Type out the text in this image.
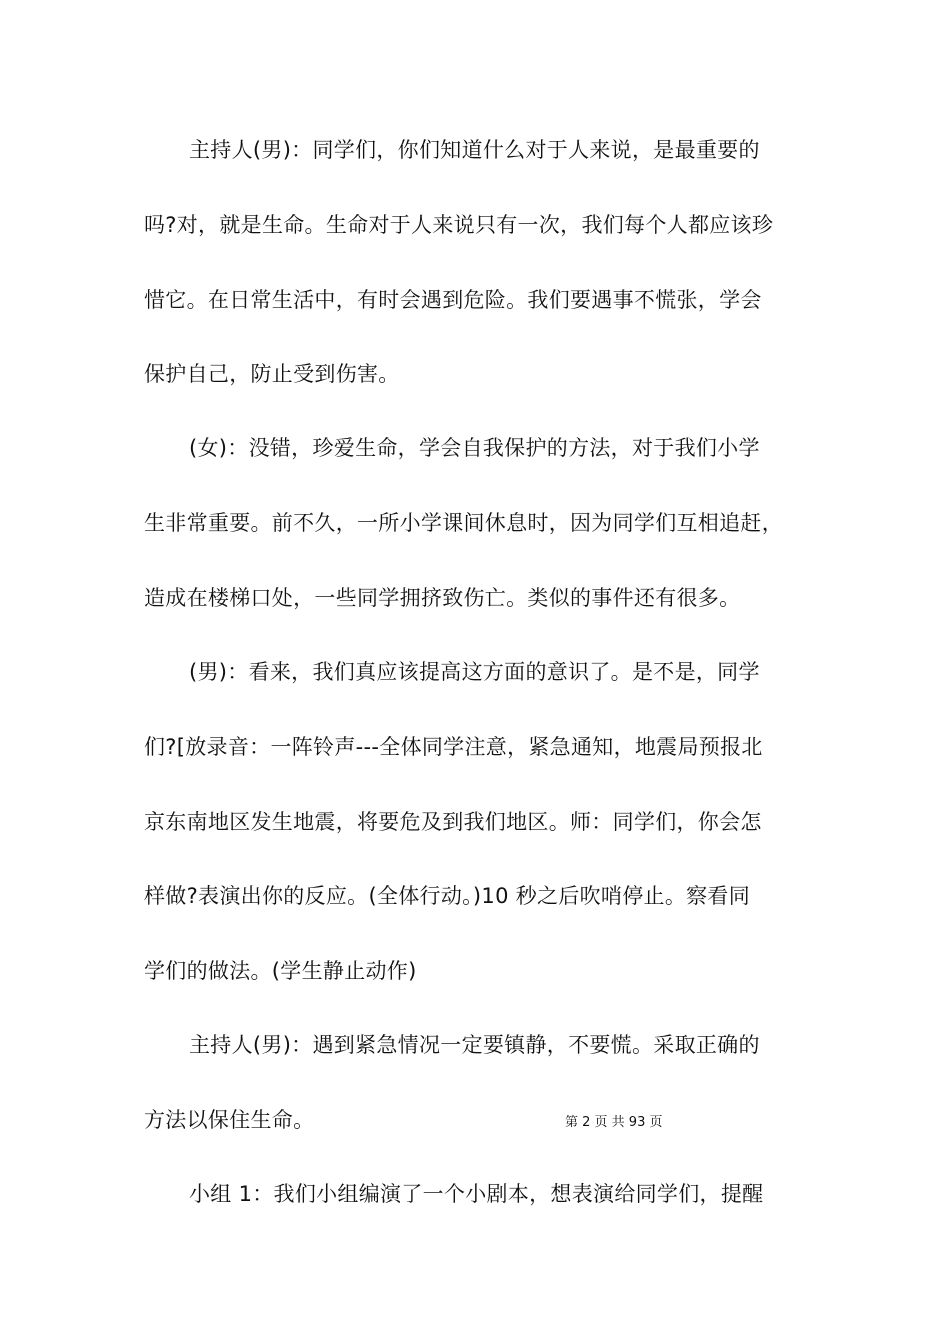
主持人(男)：同学们，你们知道什么对于人来说，是最重要的
吗?对，就是生命。生命对于人来说只有一次，我们每个人都应该珍
惜它。在日常生活中，有时会遇到危险。我们要遇事不慌张，学会
保护自己，防止受到伤害。
(女)：没错，珍爱生命，学会自我保护的方法，对于我们小学
生非常重要。前不久，一所小学课间休息时，因为同学们互相追赶，
造成在楼梯口处，一些同学拥挤致伤亡。类似的事件还有很多。
(男)：看来，我们真应该提高这方面的意识了。是不是，同学
们?[放录音：一阵铃声---全体同学注意，紧急通知，地震局预报北
京东南地区发生地震，将要危及到我们地区。师：同学们，你会怎
样做?表演出你的反应。(全体行动。)10 秒之后吹哨停止。察看同
学们的做法。(学生静止动作)
主持人(男)：遇到紧急情况一定要镇静，不要慌。采取正确的
方法以保住生命。	第 2 页 共 93 页
小组 1：我们小组编演了一个小剧本，想表演给同学们，提醒
